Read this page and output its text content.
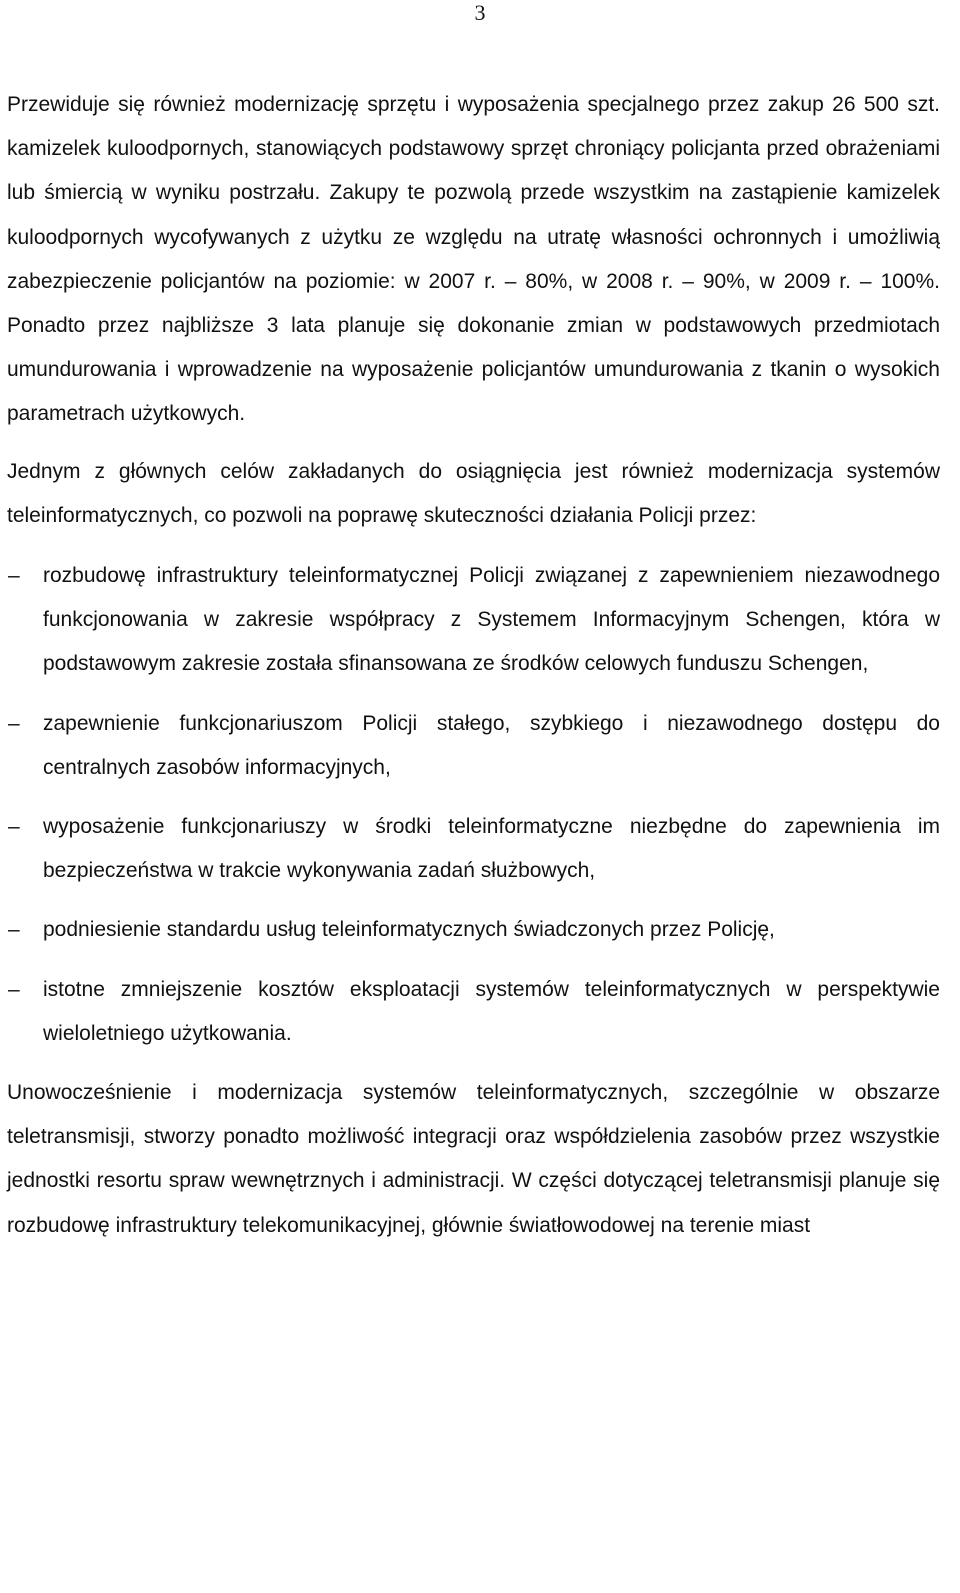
3

Przewiduje się również modernizację sprzętu i wyposażenia specjalnego przez zakup 26 500 szt. kamizelek kuloodpornych, stanowiących podstawowy sprzęt chroniący policjanta przed obrażeniami lub śmiercią w wyniku postrzału. Zakupy te pozwolą przede wszystkim na zastąpienie kamizelek kuloodpornych wycofywanych z użytku ze względu na utratę własności ochronnych i umożliwią zabezpieczenie policjantów na poziomie: w 2007 r. – 80%, w 2008 r. – 90%, w 2009 r. – 100%. Ponadto przez najbliższe 3 lata planuje się dokonanie zmian w podstawowych przedmiotach umundurowania i wprowadzenie na wyposażenie policjantów umundurowania z tkanin o wysokich parametrach użytkowych.

Jednym z głównych celów zakładanych do osiągnięcia jest również modernizacja systemów teleinformatycznych, co pozwoli na poprawę skuteczności działania Policji przez:

–	rozbudowę infrastruktury teleinformatycznej Policji związanej z zapewnieniem niezawodnego funkcjonowania w zakresie współpracy z Systemem Informacyjnym Schengen, która w podstawowym zakresie została sfinansowana ze środków celowych funduszu Schengen,
–	zapewnienie funkcjonariuszom Policji stałego, szybkiego i niezawodnego dostępu do centralnych zasobów informacyjnych,
–	wyposażenie funkcjonariuszy w środki teleinformatyczne niezbędne do zapewnienia im bezpieczeństwa w trakcie wykonywania zadań służbowych,
–	podniesienie standardu usług teleinformatycznych świadczonych przez Policję,
–	istotne zmniejszenie kosztów eksploatacji systemów teleinformatycznych w perspektywie wieloletniego użytkowania.

Unowocześnienie i modernizacja systemów teleinformatycznych, szczególnie w obszarze teletransmisji, stworzy ponadto możliwość integracji oraz współdzielenia zasobów przez wszystkie jednostki resortu spraw wewnętrznych i administracji. W części dotyczącej teletransmisji planuje się rozbudowę infrastruktury telekomunikacyjnej, głównie światłowodowej na terenie miast
